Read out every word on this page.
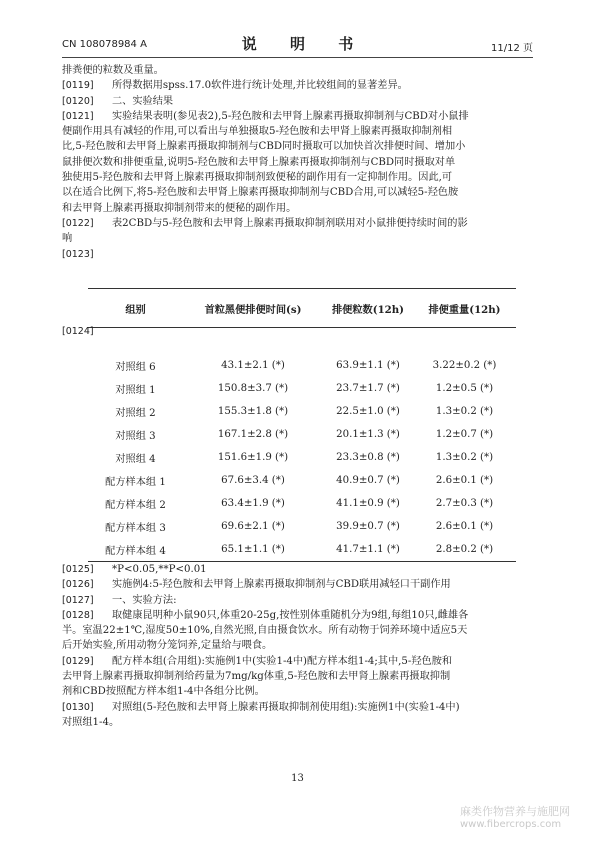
CN 108078984 A	说 明 书	11/12 页
排粪便的粒数及重量。
[0119]	所得数据用spss.17.0软件进行统计处理,并比较组间的显著差异。
[0120]	二、实验结果
[0121]	实验结果表明(参见表2),5-羟色胺和去甲肾上腺素再摄取抑制剂与CBD对小鼠排
便副作用具有减轻的作用,可以看出与单独摄取5-羟色胺和去甲肾上腺素再摄取抑制剂相
比,5-羟色胺和去甲肾上腺素再摄取抑制剂与CBD同时摄取可以加快首次排便时间、增加小
鼠排便次数和排便重量,说明5-羟色胺和去甲肾上腺素再摄取抑制剂与CBD同时摄取对单
独使用5-羟色胺和去甲肾上腺素再摄取抑制剂致便秘的副作用有一定抑制作用。因此,可
以在适合比例下,将5-羟色胺和去甲肾上腺素再摄取抑制剂与CBD合用,可以减轻5-羟色胺
和去甲肾上腺素再摄取抑制剂带来的便秘的副作用。
[0122]	表2CBD与5-羟色胺和去甲肾上腺素再摄取抑制剂联用对小鼠排便持续时间的影
响
[0123]
组别	首粒黑便排便时间(s)	排便粒数(12h)	排便重量(12h)
对照组 6	43.1±2.1 (*)	63.9±1.1 (*)	3.22±0.2 (*)
对照组 1	150.8±3.7 (*)	23.7±1.7 (*)	1.2±0.5 (*)
对照组 2	155.3±1.8 (*)	22.5±1.0 (*)	1.3±0.2 (*)
对照组 3	167.1±2.8 (*)	20.1±1.3 (*)	1.2±0.7 (*)
对照组 4	151.6±1.9 (*)	23.3±0.8 (*)	1.3±0.2 (*)
配方样本组 1	67.6±3.4 (*)	40.9±0.7 (*)	2.6±0.1 (*)
配方样本组 2	63.4±1.9 (*)	41.1±0.9 (*)	2.7±0.3 (*)
配方样本组 3	69.6±2.1 (*)	39.9±0.7 (*)	2.6±0.1 (*)
配方样本组 4	65.1±1.1 (*)	41.7±1.1 (*)	2.8±0.2 (*)
[0124]
[0125]	*P<0.05,**P<0.01
[0126]	实施例4:5-羟色胺和去甲肾上腺素再摄取抑制剂与CBD联用减轻口干副作用
[0127]	一、实验方法:
[0128]	取健康昆明种小鼠90只,体重20-25g,按性别体重随机分为9组,每组10只,雌雄各
半。室温22±1℃,湿度50±10%,自然光照,自由摄食饮水。所有动物于饲养环境中适应5天
后开始实验,所用动物分笼饲养,定量给与喂食。
[0129]	配方样本组(合用组):实施例1中(实验1-4中)配方样本组1-4;其中,5-羟色胺和
去甲肾上腺素再摄取抑制剂给药量为7mg/kg体重,5-羟色胺和去甲肾上腺素再摄取抑制
剂和CBD按照配方样本组1-4中各组分比例。
[0130]	对照组(5-羟色胺和去甲肾上腺素再摄取抑制剂使用组):实施例1中(实验1-4中)
对照组1-4。
13
麻类作物营养与施肥网
www.fibercrops.com
